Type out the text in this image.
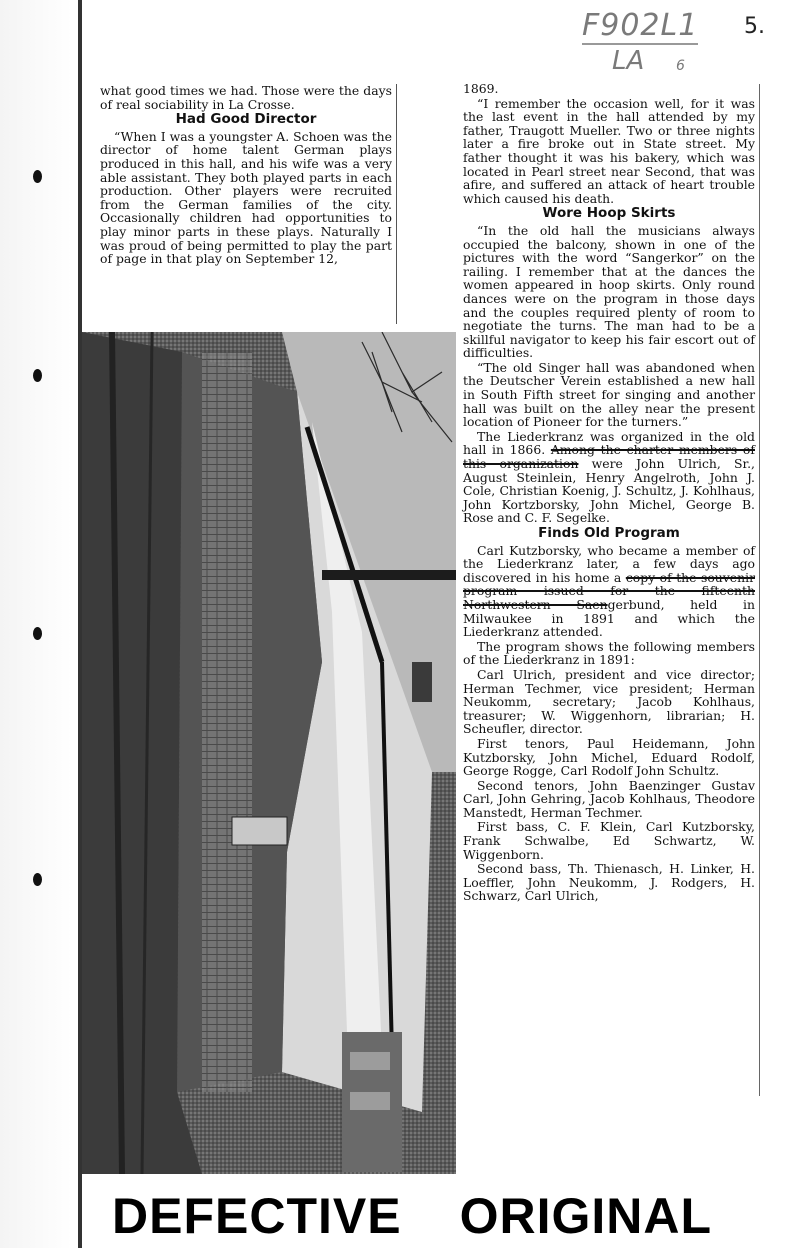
F902L1
LA 6
5.

what good times we had. Those were the days of real sociability in La Crosse.

Had Good Director

“When I was a youngster A. Schoen was the director of home talent German plays produced in this hall, and his wife was a very able assistant. They both played parts in each production. Other players were recruited from the German families of the city. Occasionally children had opportunities to play minor parts in these plays. Naturally I was proud of being permitted to play the part of page in that play on September 12,

1869.

“I remember the occasion well, for it was the last event in the hall attended by my father, Traugott Mueller. Two or three nights later a fire broke out in State street. My father thought it was his bakery, which was located in Pearl street near Second, that was afire, and suffered an attack of heart trouble which caused his death.

Wore Hoop Skirts

“In the old hall the musicians always occupied the balcony, shown in one of the pictures with the word “Sangerkor” on the railing. I remember that at the dances the women appeared in hoop skirts. Only round dances were on the program in those days and the couples required plenty of room to negotiate the turns. The man had to be a skillful navigator to keep his fair escort out of difficulties.

“The old Singer hall was abandoned when the Deutscher Verein established a new hall in South Fifth street for singing and another hall was built on the alley near the present location of Pioneer for the turners.”

The Liederkranz was organized in the old hall in 1866. Among the charter members of this organization were John Ulrich, Sr., August Steinlein, Henry Angelroth, John J. Cole, Christian Koenig, J. Schultz, J. Kohlhaus, John Kortzborsky, John Michel, George B. Rose and C. F. Segelke.

Finds Old Program

Carl Kutzborsky, who became a member of the Liederkranz later, a few days ago discovered in his home a copy of the souvenir program issued for the fifteenth Northwestern Saengerbund, held in Milwaukee in 1891 and which the Liederkranz attended.

The program shows the following members of the Liederkranz in 1891:

Carl Ulrich, president and vice director; Herman Techmer, vice president; Herman Neukomm, secretary; Jacob Kohlhaus, treasurer; W. Wiggenhorn, librarian; H. Scheufler, director.

First tenors, Paul Heidemann, John Kutzborsky, John Michel, Eduard Rodolf, George Rogge, Carl Rodolf John Schultz.

Second tenors, John Baenzinger Gustav Carl, John Gehring, Jacob Kohlhaus, Theodore Manstedt, Herman Techmer.

First bass, C. F. Klein, Carl Kutzborsky, Frank Schwalbe, Ed Schwartz, W. Wiggenborn.

Second bass, Th. Thienasch, H. Linker, H. Loeffler, John Neukomm, J. Rodgers, H. Schwarz, Carl Ulrich,

DEFECTIVE ORIGINAL
